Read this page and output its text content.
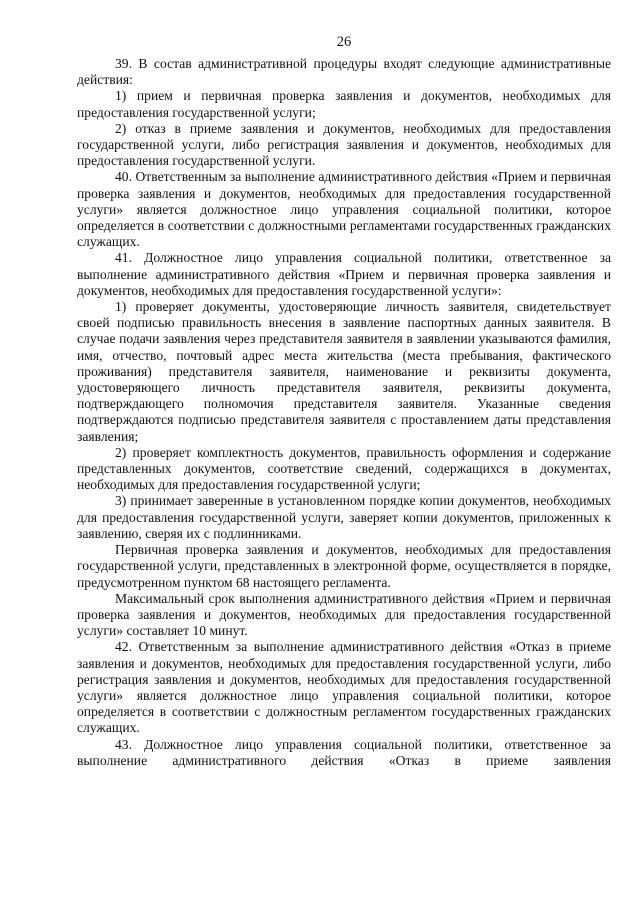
26

39. В состав административной процедуры входят следующие административные действия:

1) прием и первичная проверка заявления и документов, необходимых для предоставления государственной услуги;

2) отказ в приеме заявления и документов, необходимых для предоставления государственной услуги, либо регистрация заявления и документов, необходимых для предоставления государственной услуги.

40. Ответственным за выполнение административного действия «Прием и первичная проверка заявления и документов, необходимых для предоставления государственной услуги» является должностное лицо управления социальной политики, которое определяется в соответствии с должностными регламентами государственных гражданских служащих.

41. Должностное лицо управления социальной политики, ответственное за выполнение административного действия «Прием и первичная проверка заявления и документов, необходимых для предоставления государственной услуги»:

1) проверяет документы, удостоверяющие личность заявителя, свидетельствует своей подписью правильность внесения в заявление паспортных данных заявителя. В случае подачи заявления через представителя заявителя в заявлении указываются фамилия, имя, отчество, почтовый адрес места жительства (места пребывания, фактического проживания) представителя заявителя, наименование и реквизиты документа, удостоверяющего личность представителя заявителя, реквизиты документа, подтверждающего полномочия представителя заявителя. Указанные сведения подтверждаются подписью представителя заявителя с проставлением даты представления заявления;

2) проверяет комплектность документов, правильность оформления и содержание представленных документов, соответствие сведений, содержащихся в документах, необходимых для предоставления государственной услуги;

3) принимает заверенные в установленном порядке копии документов, необходимых для предоставления государственной услуги, заверяет копии документов, приложенных к заявлению, сверяя их с подлинниками.

Первичная проверка заявления и документов, необходимых для предоставления государственной услуги, представленных в электронной форме, осуществляется в порядке, предусмотренном пунктом 68 настоящего регламента.

Максимальный срок выполнения административного действия «Прием и первичная проверка заявления и документов, необходимых для предоставления государственной услуги» составляет 10 минут.

42. Ответственным за выполнение административного действия «Отказ в приеме заявления и документов, необходимых для предоставления государственной услуги, либо регистрация заявления и документов, необходимых для предоставления государственной услуги» является должностное лицо управления социальной политики, которое определяется в соответствии с должностным регламентом государственных гражданских служащих.

43. Должностное лицо управления социальной политики, ответственное за выполнение административного действия «Отказ в приеме заявления
